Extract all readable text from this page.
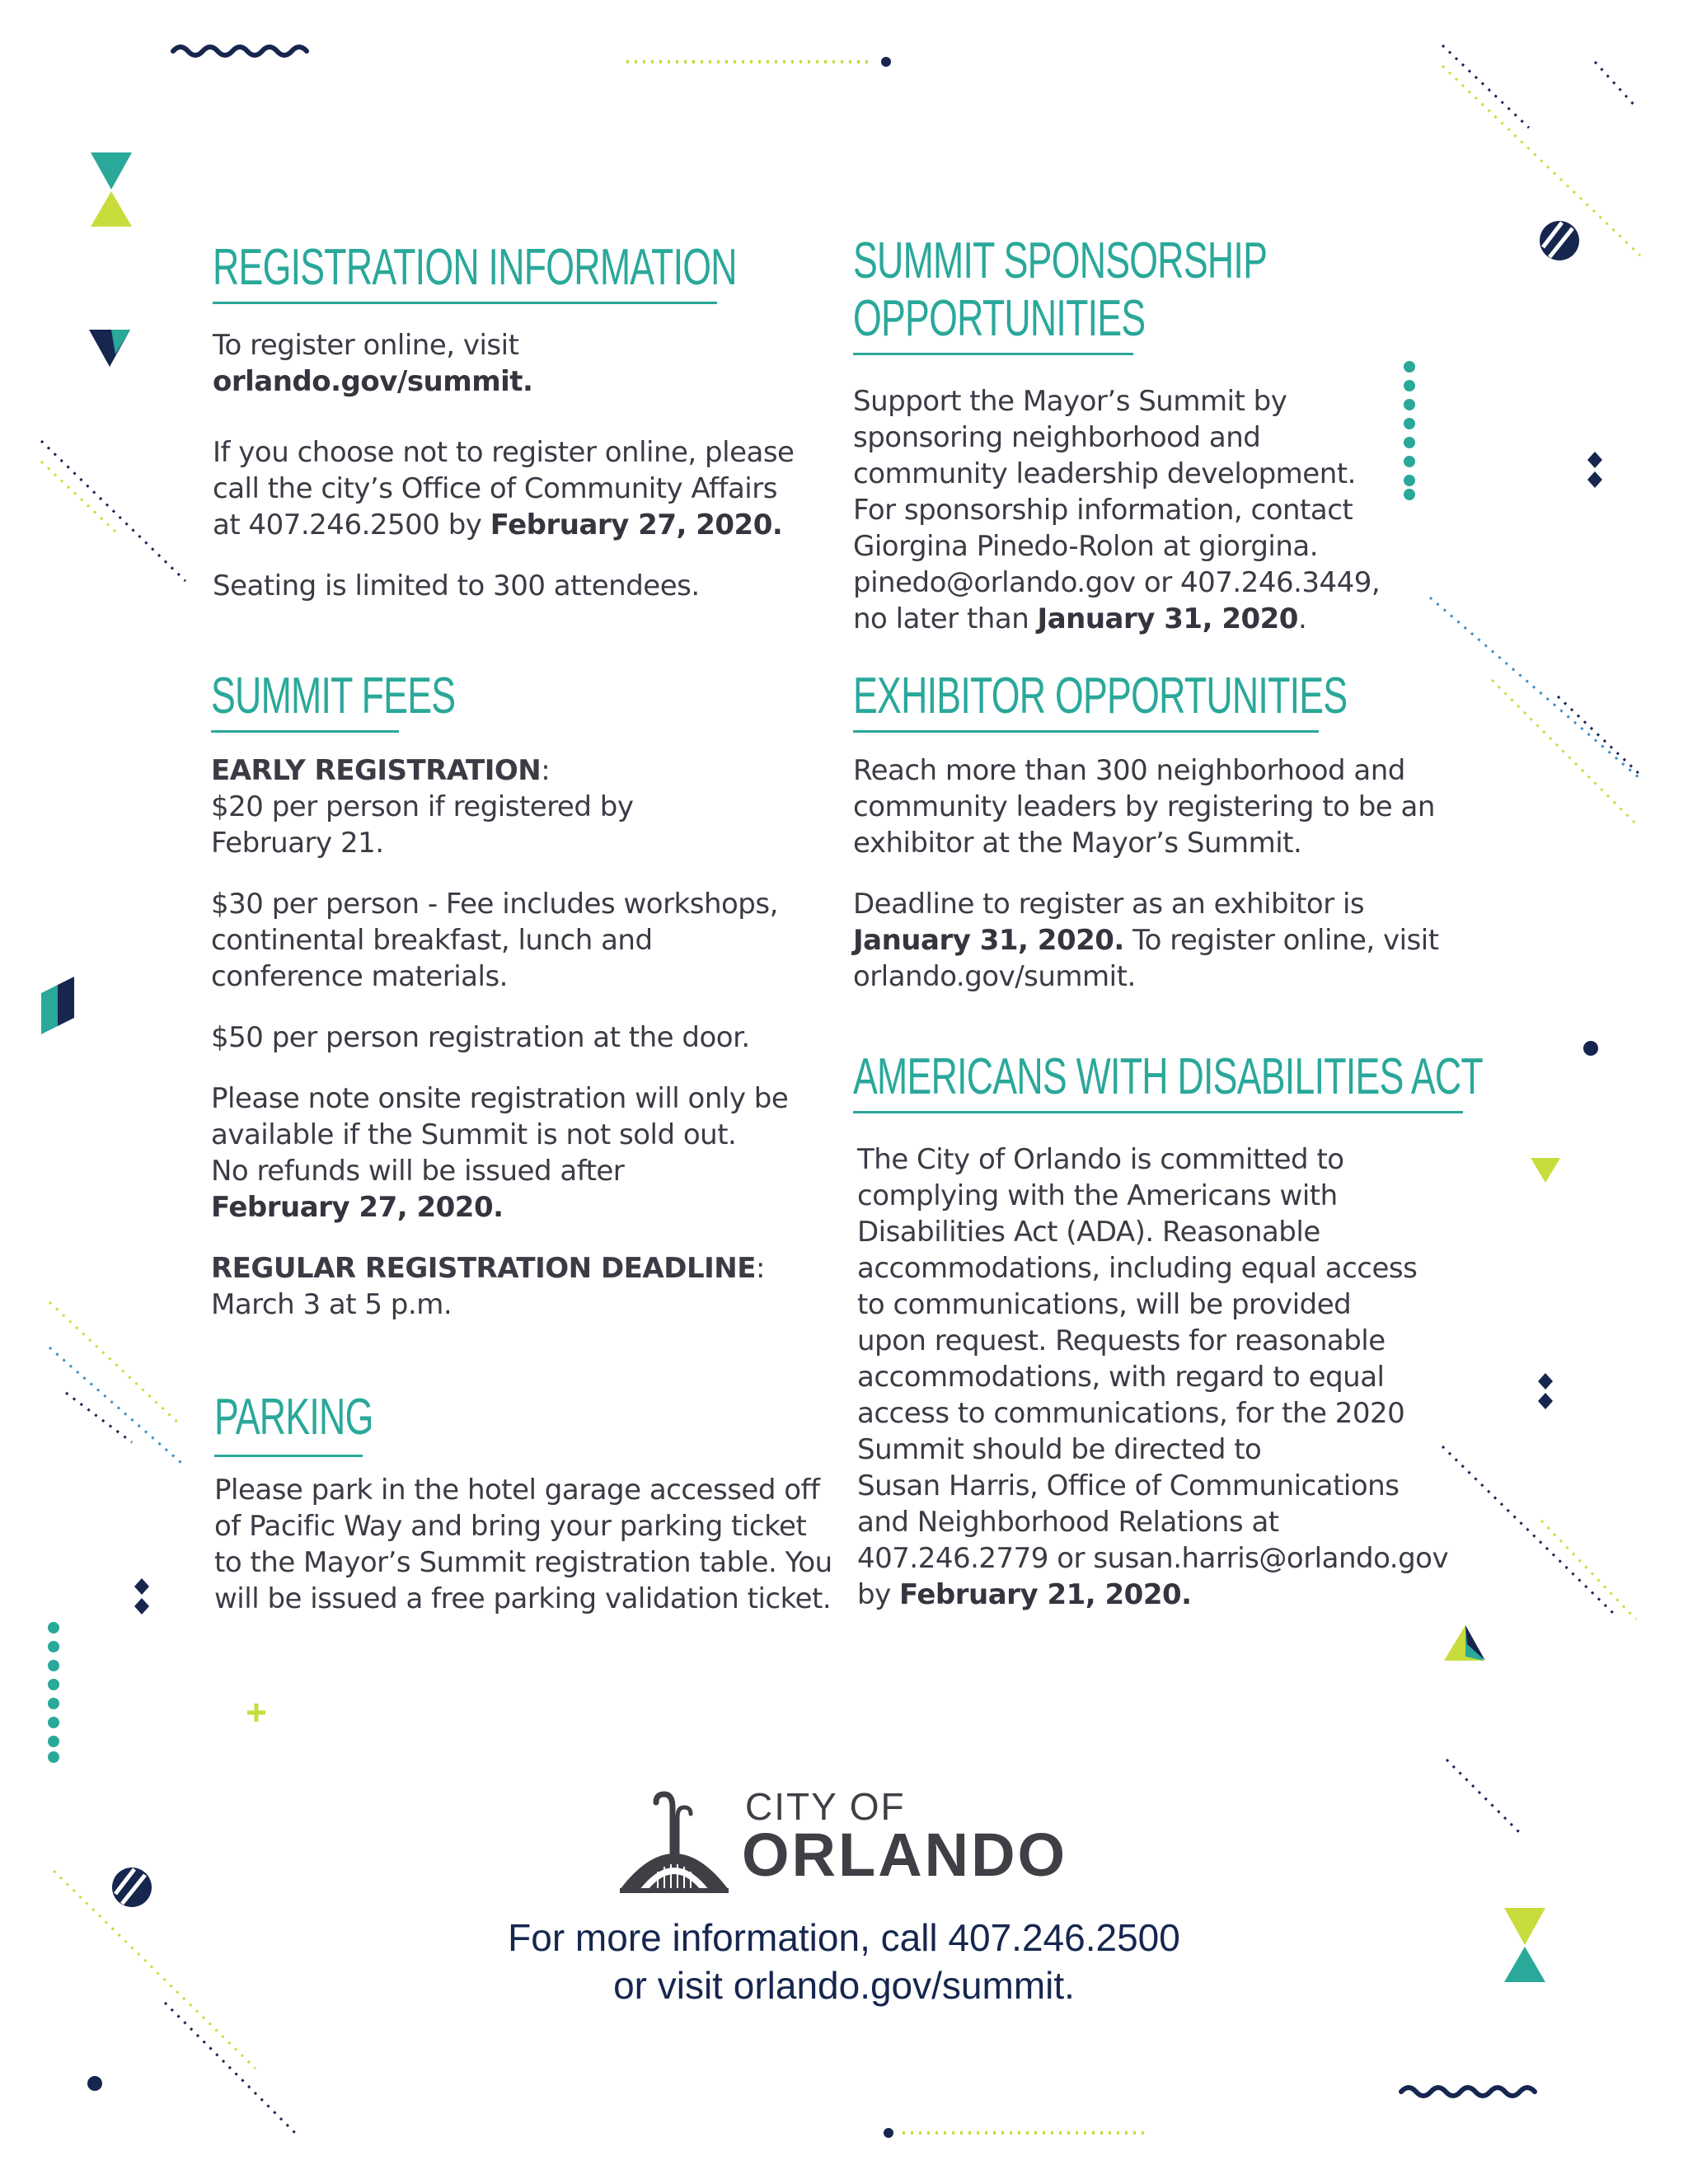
REGISTRATION INFORMATION

To register online, visit
orlando.gov/summit.

If you choose not to register online, please
call the city’s Office of Community Affairs
at 407.246.2500 by February 27, 2020.

Seating is limited to 300 attendees.

SUMMIT FEES

EARLY REGISTRATION:
$20 per person if registered by
February 21.

$30 per person - Fee includes workshops,
continental breakfast, lunch and
conference materials.

$50 per person registration at the door.

Please note onsite registration will only be
available if the Summit is not sold out.
No refunds will be issued after
February 27, 2020.

REGULAR REGISTRATION DEADLINE:
March 3 at 5 p.m.

PARKING

Please park in the hotel garage accessed off
of Pacific Way and bring your parking ticket
to the Mayor’s Summit registration table. You
will be issued a free parking validation ticket.

SUMMIT SPONSORSHIP
OPPORTUNITIES

Support the Mayor’s Summit by
sponsoring neighborhood and
community leadership development.
For sponsorship information, contact
Giorgina Pinedo-Rolon at giorgina.
pinedo@orlando.gov or 407.246.3449,
no later than January 31, 2020.

EXHIBITOR OPPORTUNITIES

Reach more than 300 neighborhood and
community leaders by registering to be an
exhibitor at the Mayor’s Summit.

Deadline to register as an exhibitor is
January 31, 2020. To register online, visit
orlando.gov/summit.

AMERICANS WITH DISABILITIES ACT

The City of Orlando is committed to
complying with the Americans with
Disabilities Act (ADA). Reasonable
accommodations, including equal access
to communications, will be provided
upon request. Requests for reasonable
accommodations, with regard to equal
access to communications, for the 2020
Summit should be directed to
Susan Harris, Office of Communications
and Neighborhood Relations at
407.246.2779 or susan.harris@orlando.gov
by February 21, 2020.

CITY OF
ORLANDO
For more information, call 407.246.2500
or visit orlando.gov/summit.
